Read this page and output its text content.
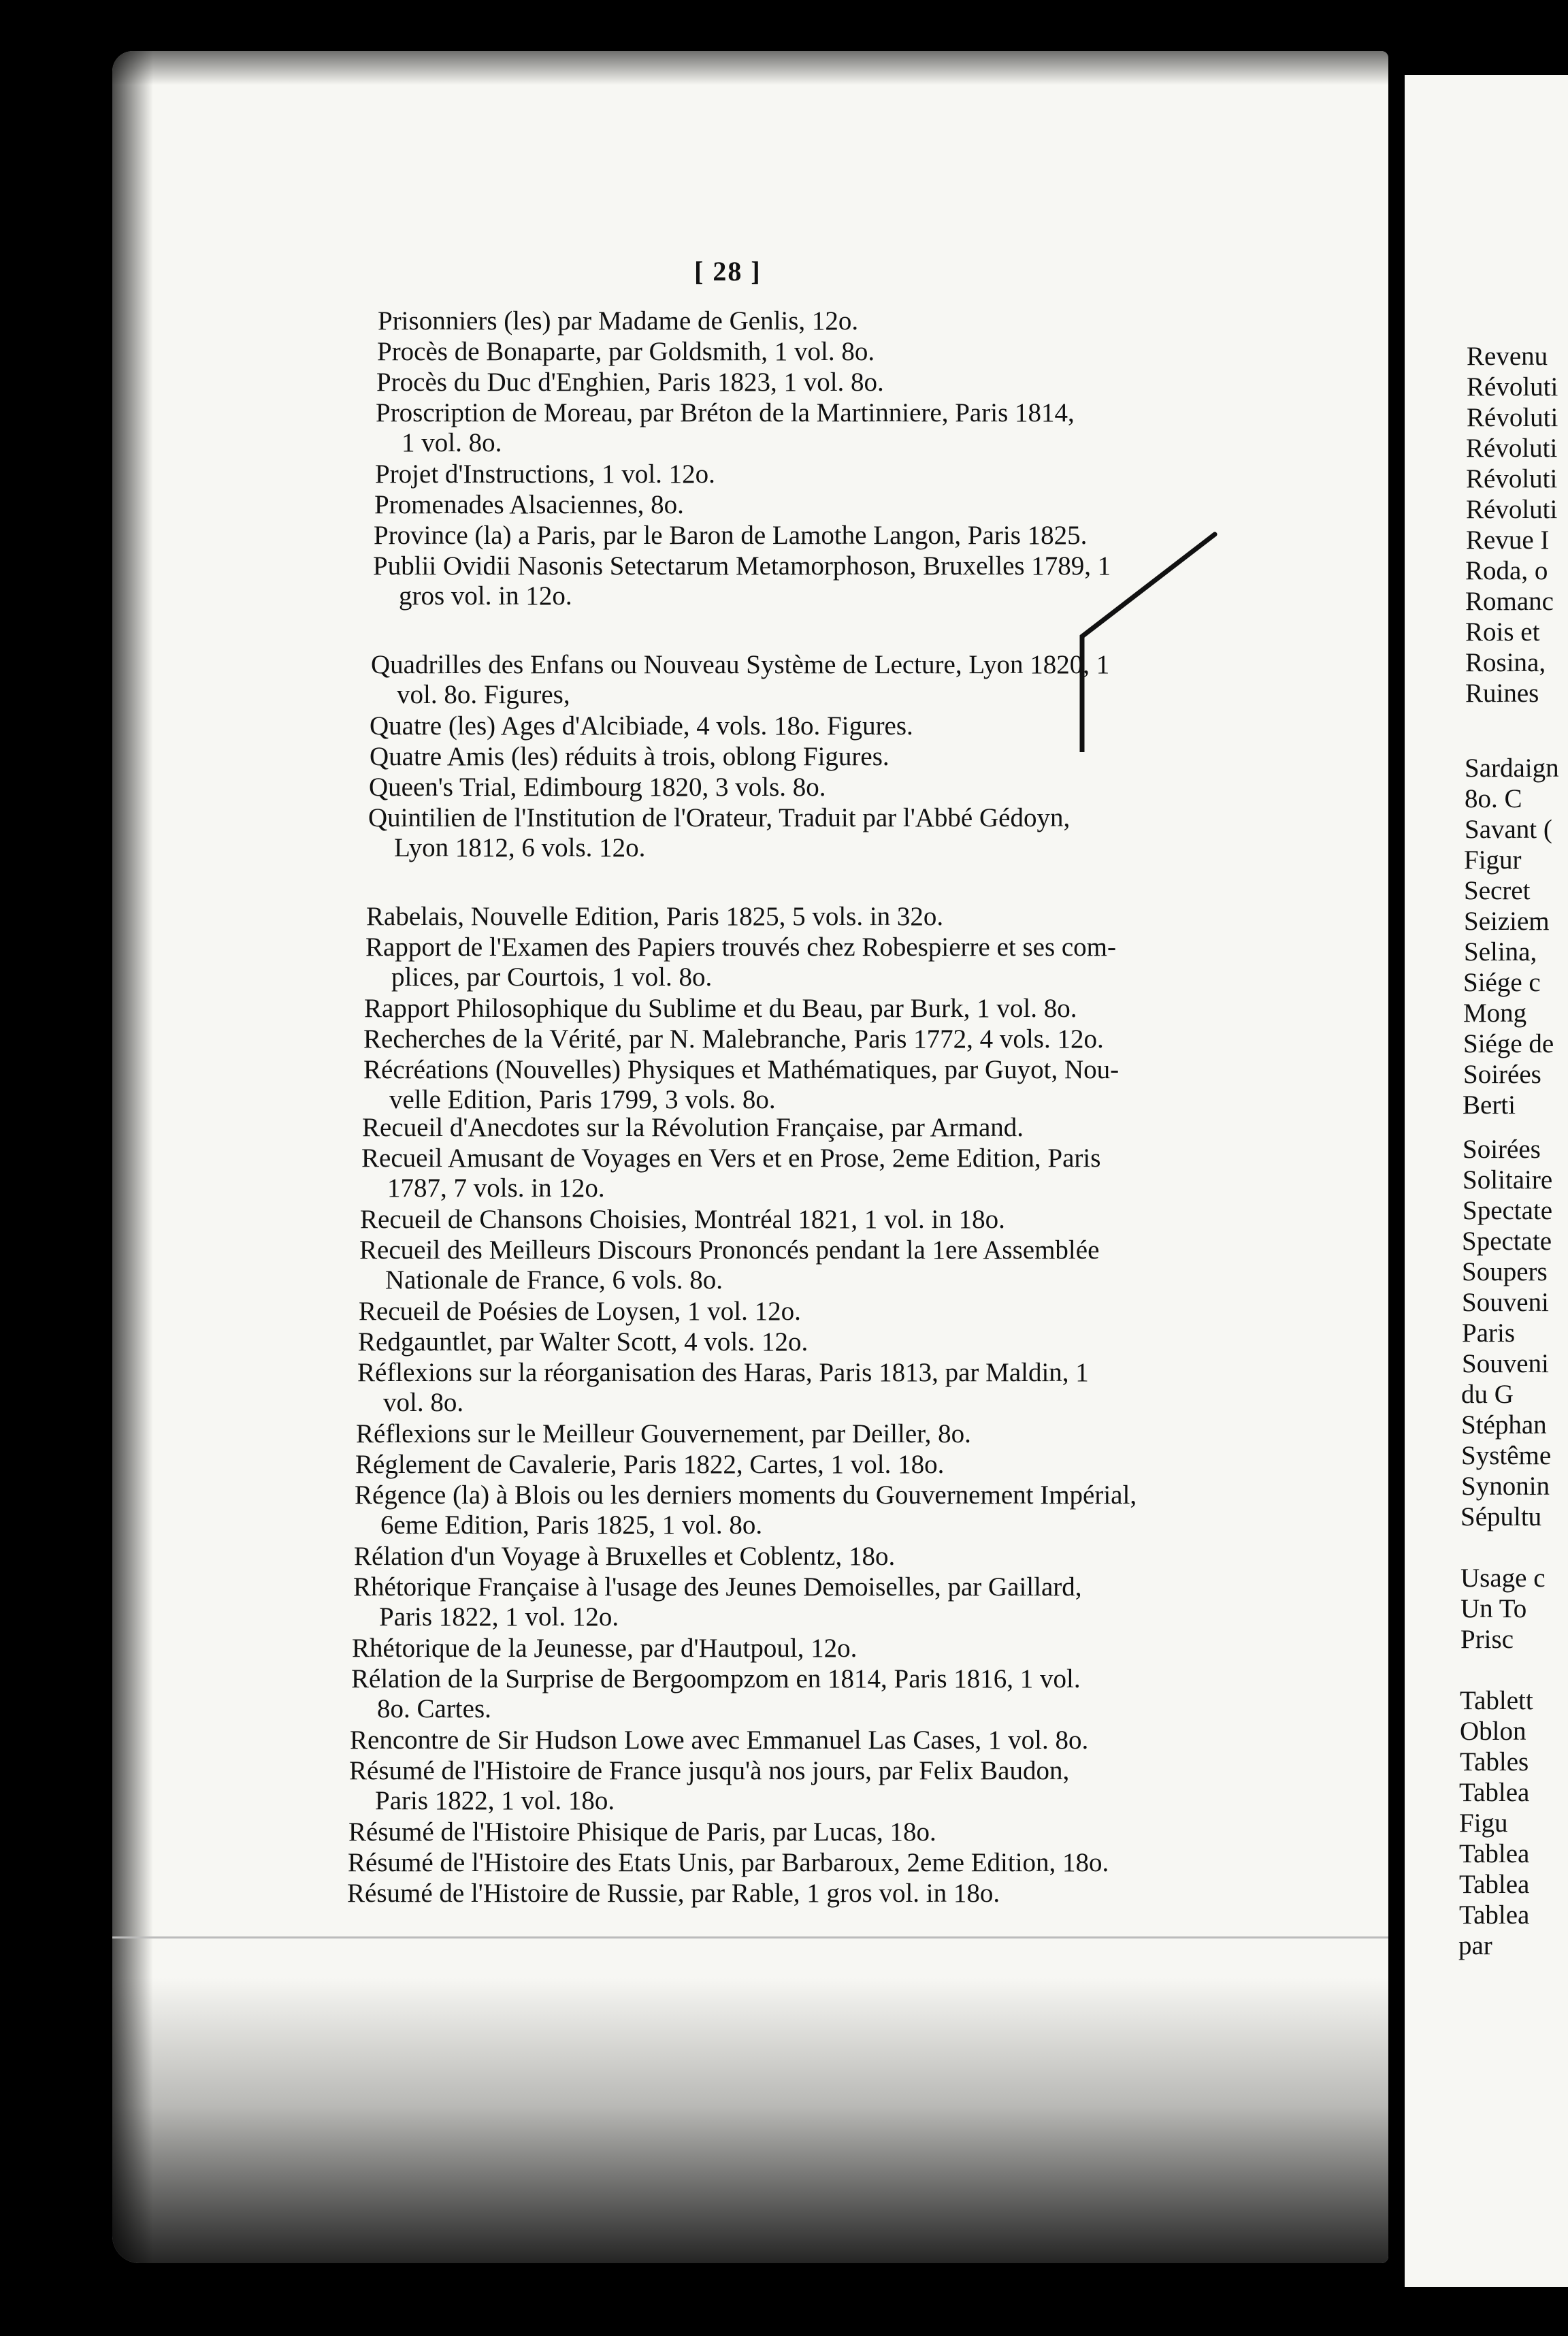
[ 28 ]
Prisonniers (les) par Madame de Genlis, 12o.
Procès de Bonaparte, par Goldsmith, 1 vol. 8o.
Procès du Duc d'Enghien, Paris 1823, 1 vol. 8o.
Proscription de Moreau, par Bréton de la Martinniere, Paris 1814,
1 vol. 8o.
Projet d'Instructions, 1 vol. 12o.
Promenades Alsaciennes, 8o.
Province (la) a Paris, par le Baron de Lamothe Langon, Paris 1825.
Publii Ovidii Nasonis Setectarum Metamorphoson, Bruxelles 1789, 1
gros vol. in 12o.
Quadrilles des Enfans ou Nouveau Système de Lecture, Lyon 1820, 1
vol. 8o. Figures,
Quatre (les) Ages d'Alcibiade, 4 vols. 18o. Figures.
Quatre Amis (les) réduits à trois, oblong Figures.
Queen's Trial, Edimbourg 1820, 3 vols. 8o.
Quintilien de l'Institution de l'Orateur, Traduit par l'Abbé Gédoyn,
Lyon 1812, 6 vols. 12o.
Rabelais, Nouvelle Edition, Paris 1825, 5 vols. in 32o.
Rapport de l'Examen des Papiers trouvés chez Robespierre et ses com-
plices, par Courtois, 1 vol. 8o.
Rapport Philosophique du Sublime et du Beau, par Burk, 1 vol. 8o.
Recherches de la Vérité, par N. Malebranche, Paris 1772, 4 vols. 12o.
Récréations (Nouvelles) Physiques et Mathématiques, par Guyot, Nou-
velle Edition, Paris 1799, 3 vols. 8o.
Recueil d'Anecdotes sur la Révolution Française, par Armand.
Recueil Amusant de Voyages en Vers et en Prose, 2eme Edition, Paris
1787, 7 vols. in 12o.
Recueil de Chansons Choisies, Montréal 1821, 1 vol. in 18o.
Recueil des Meilleurs Discours Prononcés pendant la 1ere Assemblée
Nationale de France, 6 vols. 8o.
Recueil de Poésies de Loysen, 1 vol. 12o.
Redgauntlet, par Walter Scott, 4 vols. 12o.
Réflexions sur la réorganisation des Haras, Paris 1813, par Maldin, 1
vol. 8o.
Réflexions sur le Meilleur Gouvernement, par Deiller, 8o.
Réglement de Cavalerie, Paris 1822, Cartes, 1 vol. 18o.
Régence (la) à Blois ou les derniers moments du Gouvernement Impérial,
6eme Edition, Paris 1825, 1 vol. 8o.
Rélation d'un Voyage à Bruxelles et Coblentz, 18o.
Rhétorique Française à l'usage des Jeunes Demoiselles, par Gaillard,
Paris 1822, 1 vol. 12o.
Rhétorique de la Jeunesse, par d'Hautpoul, 12o.
Rélation de la Surprise de Bergoompzom en 1814, Paris 1816, 1 vol.
8o. Cartes.
Rencontre de Sir Hudson Lowe avec Emmanuel Las Cases, 1 vol. 8o.
Résumé de l'Histoire de France jusqu'à nos jours, par Felix Baudon,
Paris 1822, 1 vol. 18o.
Résumé de l'Histoire Phisique de Paris, par Lucas, 18o.
Résumé de l'Histoire des Etats Unis, par Barbaroux, 2eme Edition, 18o.
Résumé de l'Histoire de Russie, par Rable, 1 gros vol. in 18o.
Revenu
Révoluti
Révoluti
Révoluti
Révoluti
Révoluti
Revue I
Roda, o
Romanc
Rois et
Rosina,
Ruines
Sardaign
8o. C
Savant (
Figur
Secret
Seiziem
Selina,
Siége c
Mong
Siége de
Soirées
Berti
Soirées
Solitaire
Spectate
Spectate
Soupers
Souveni
Paris
Souveni
du G
Stéphan
Systême
Synonin
Sépultu
Usage c
Un To
Prisc
Tablett
Oblon
Tables
Tablea
Figu
Tablea
Tablea
Tablea
par
